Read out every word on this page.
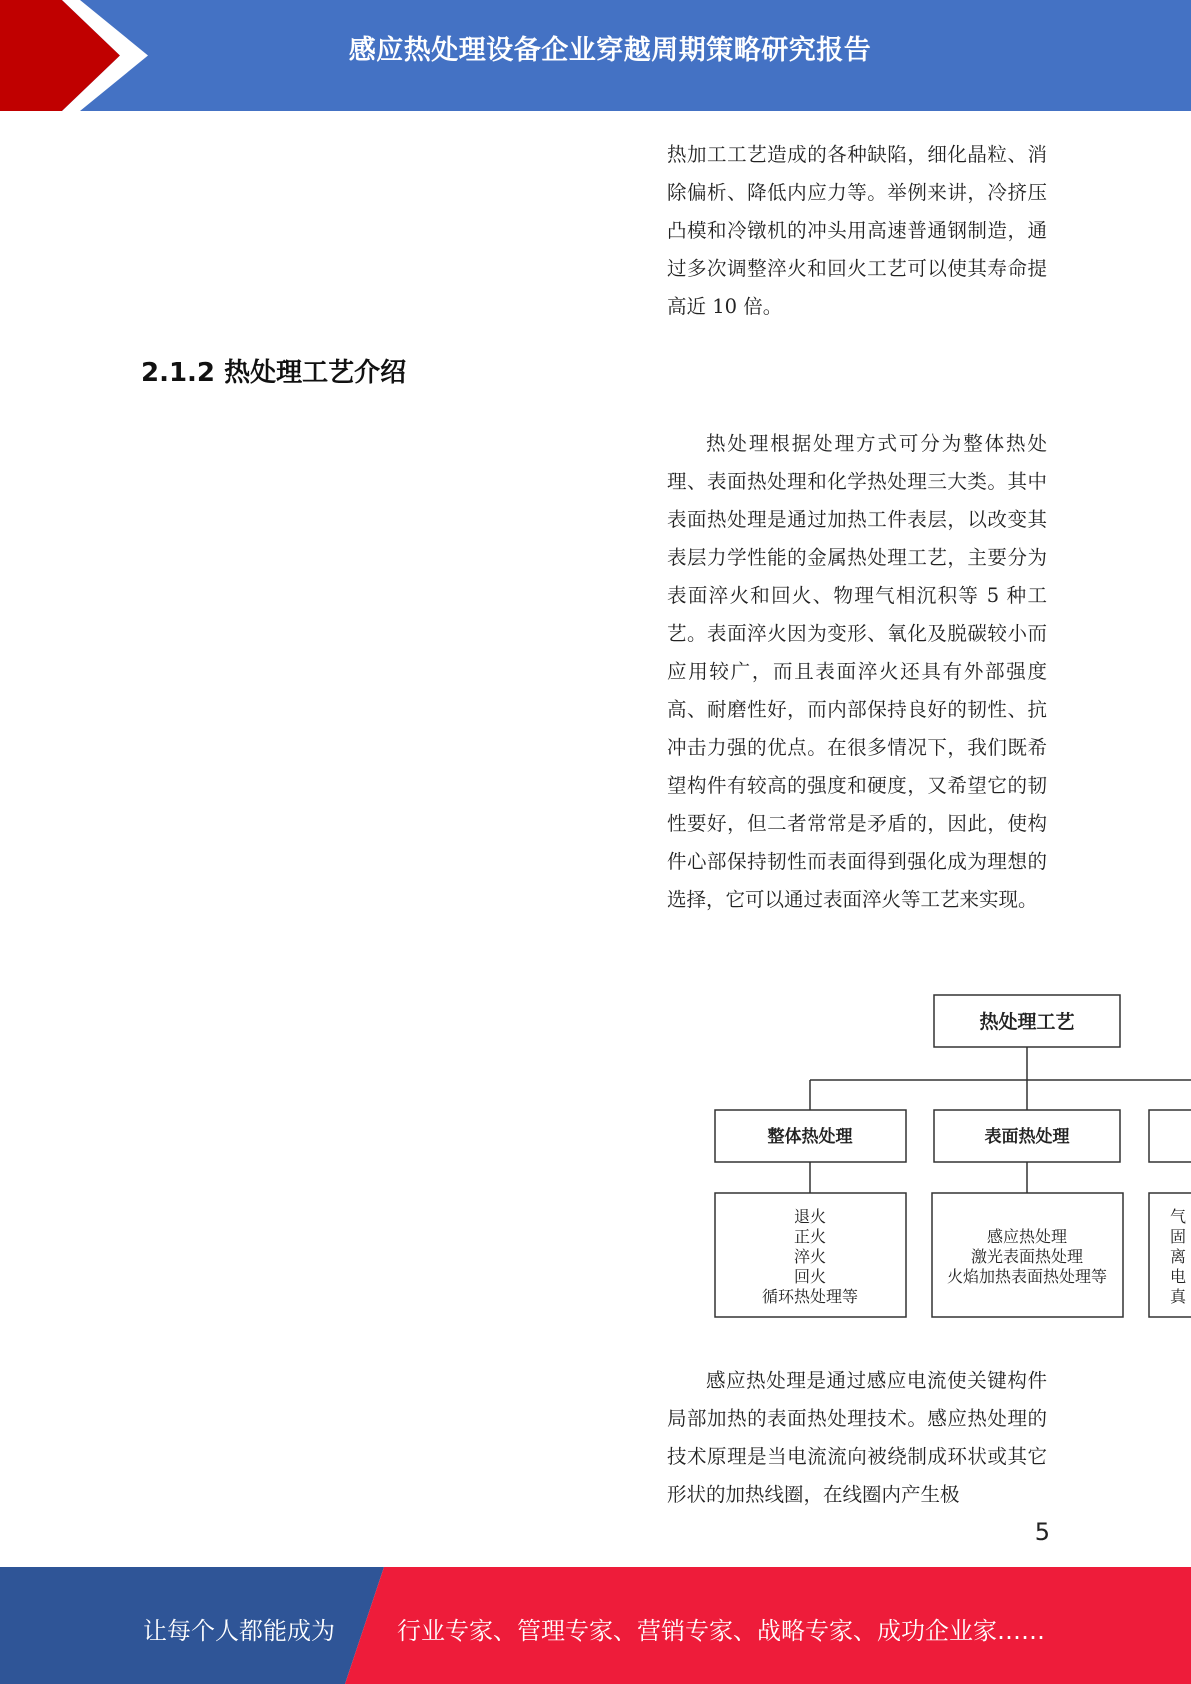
感应热处理设备企业穿越周期策略研究报告

热加工工艺造成的各种缺陷，细化晶粒、消除偏析、降低内应力等。举例来讲，冷挤压凸模和冷镦机的冲头用高速普通钢制造，通过多次调整淬火和回火工艺可以使其寿命提高近 10 倍。

2.1.2 热处理工艺介绍

热处理根据处理方式可分为整体热处理、表面热处理和化学热处理三大类。其中表面热处理是通过加热工件表层，以改变其表层力学性能的金属热处理工艺，主要分为表面淬火和回火、物理气相沉积等 5 种工艺。表面淬火因为变形、氧化及脱碳较小而应用较广，而且表面淬火还具有外部强度高、耐磨性好，而内部保持良好的韧性、抗冲击力强的优点。在很多情况下，我们既希望构件有较高的强度和硬度，又希望它的韧性要好，但二者常常是矛盾的，因此，使构件心部保持韧性而表面得到强化成为理想的选择，它可以通过表面淬火等工艺来实现。

热处理工艺
整体热处理	表面热处理
退火
正火
淬火
回火
循环热处理等
感应热处理
激光表面热处理
火焰加热表面热处理等
气
固
离
电
真

感应热处理是通过感应电流使关键构件局部加热的表面热处理技术。感应热处理的技术原理是当电流流向被绕制成环状或其它形状的加热线圈，在线圈内产生极

5
让每个人都能成为	行业专家、管理专家、营销专家、战略专家、成功企业家……
